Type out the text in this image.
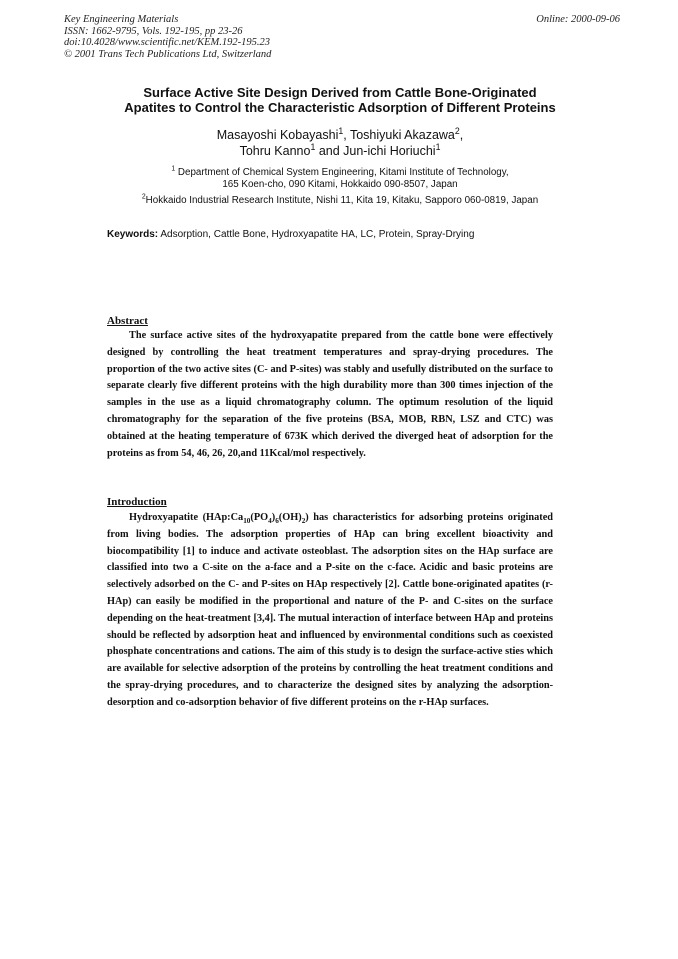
Key Engineering Materials
ISSN: 1662-9795, Vols. 192-195, pp 23-26
doi:10.4028/www.scientific.net/KEM.192-195.23
© 2001 Trans Tech Publications Ltd, Switzerland
Online: 2000-09-06
Surface Active Site Design Derived from Cattle Bone-Originated
Apatites to Control the Characteristic Adsorption of Different Proteins
Masayoshi Kobayashi$^1$, Toshiyuki Akazawa$^2$,
Tohru Kanno$^1$ and Jun-ichi Horiuchi$^1$
$^1$ Department of Chemical System Engineering, Kitami Institute of Technology,
165 Koen-cho, 090 Kitami, Hokkaido 090-8507, Japan
$^2$Hokkaido Industrial Research Institute, Nishi 11, Kita 19, Kitaku, Sapporo 060-0819, Japan
Keywords: Adsorption, Cattle Bone, Hydroxyapatite HA, LC, Protein, Spray-Drying
Abstract
The surface active sites of the hydroxyapatite prepared from the cattle bone were effectively designed by controlling the heat treatment temperatures and spray-drying procedures. The proportion of the two active sites (C- and P-sites) was stably and usefully distributed on the surface to separate clearly five different proteins with the high durability more than 300 times injection of the samples in the use as a liquid chromatography column. The optimum resolution of the liquid chromatography for the separation of the five proteins (BSA, MOB, RBN, LSZ and CTC) was obtained at the heating temperature of 673K which derived the diverged heat of adsorption for the proteins as from 54, 46, 26, 20,and 11Kcal/mol respectively.
Introduction
Hydroxyapatite $(HAp:Ca_{10}(PO_4)_6(OH)_2)$ has characteristics for adsorbing proteins originated from living bodies. The adsorption properties of HAp can bring excellent bioactivity and biocompatibility [1] to induce and activate osteoblast. The adsorption sites on the HAp surface are classified into two a C-site on the a-face and a P-site on the c-face. Acidic and basic proteins are selectively adsorbed on the C- and P-sites on HAp respectively [2]. Cattle bone-originated apatites (r-HAp) can easily be modified in the proportional and nature of the P- and C-sites on the surface depending on the heat-treatment [3,4]. The mutual interaction of interface between HAp and proteins should be reflected by adsorption heat and influenced by environmental conditions such as coexisted phosphate concentrations and cations. The aim of this study is to design the surface-active sties which are available for selective adsorption of the proteins by controlling the heat treatment conditions and the spray-drying procedures, and to characterize the designed sites by analyzing the adsorption-desorption and co-adsorption behavior of five different proteins on the r-HAp surfaces.
